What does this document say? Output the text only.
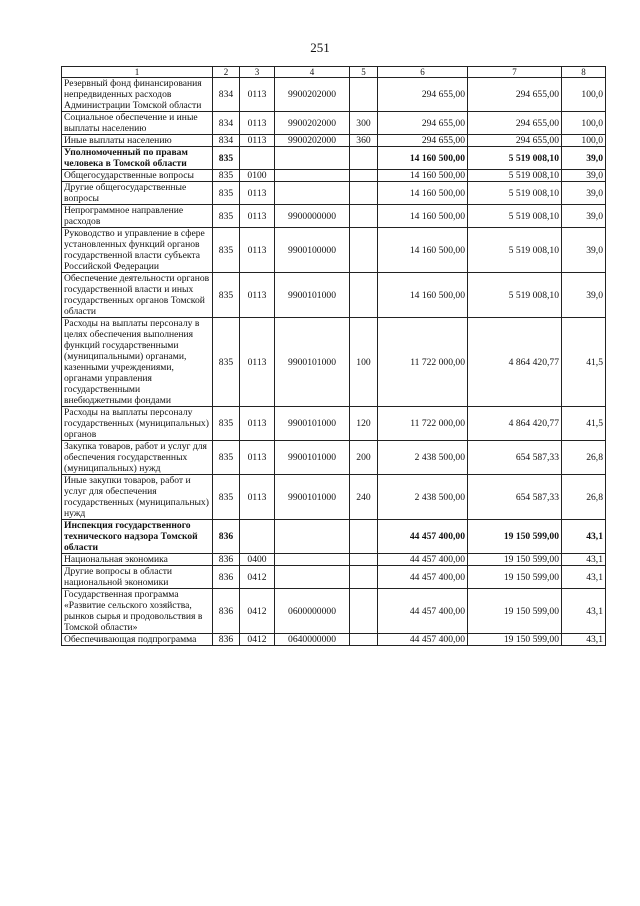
251
1	2	3	4	5	6	7	8
Резервный фонд финансирования непредвиденных расходов Администрации Томской области	834	0113	9900202000		294 655,00	294 655,00	100,0
Социальное обеспечение и иные выплаты населению	834	0113	9900202000	300	294 655,00	294 655,00	100,0
Иные выплаты населению	834	0113	9900202000	360	294 655,00	294 655,00	100,0
Уполномоченный по правам человека в Томской области	835				14 160 500,00	5 519 008,10	39,0
Общегосударственные вопросы	835	0100			14 160 500,00	5 519 008,10	39,0
Другие общегосударственные вопросы	835	0113			14 160 500,00	5 519 008,10	39,0
Непрограммное направление расходов	835	0113	9900000000		14 160 500,00	5 519 008,10	39,0
Руководство и управление в сфере установленных функций органов государственной власти субъекта Российской Федерации	835	0113	9900100000		14 160 500,00	5 519 008,10	39,0
Обеспечение деятельности органов государственной власти и иных государственных органов Томской области	835	0113	9900101000		14 160 500,00	5 519 008,10	39,0
Расходы на выплаты персоналу в целях обеспечения выполнения функций государственными (муниципальными) органами, казенными учреждениями, органами управления государственными внебюджетными фондами	835	0113	9900101000	100	11 722 000,00	4 864 420,77	41,5
Расходы на выплаты персоналу государственных (муниципальных) органов	835	0113	9900101000	120	11 722 000,00	4 864 420,77	41,5
Закупка товаров, работ и услуг для обеспечения государственных (муниципальных) нужд	835	0113	9900101000	200	2 438 500,00	654 587,33	26,8
Иные закупки товаров, работ и услуг для обеспечения государственных (муниципальных) нужд	835	0113	9900101000	240	2 438 500,00	654 587,33	26,8
Инспекция государственного технического надзора Томской области	836				44 457 400,00	19 150 599,00	43,1
Национальная экономика	836	0400			44 457 400,00	19 150 599,00	43,1
Другие вопросы в области национальной экономики	836	0412			44 457 400,00	19 150 599,00	43,1
Государственная программа «Развитие сельского хозяйства, рынков сырья и продовольствия в Томской области»	836	0412	0600000000		44 457 400,00	19 150 599,00	43,1
Обеспечивающая подпрограмма	836	0412	0640000000		44 457 400,00	19 150 599,00	43,1
